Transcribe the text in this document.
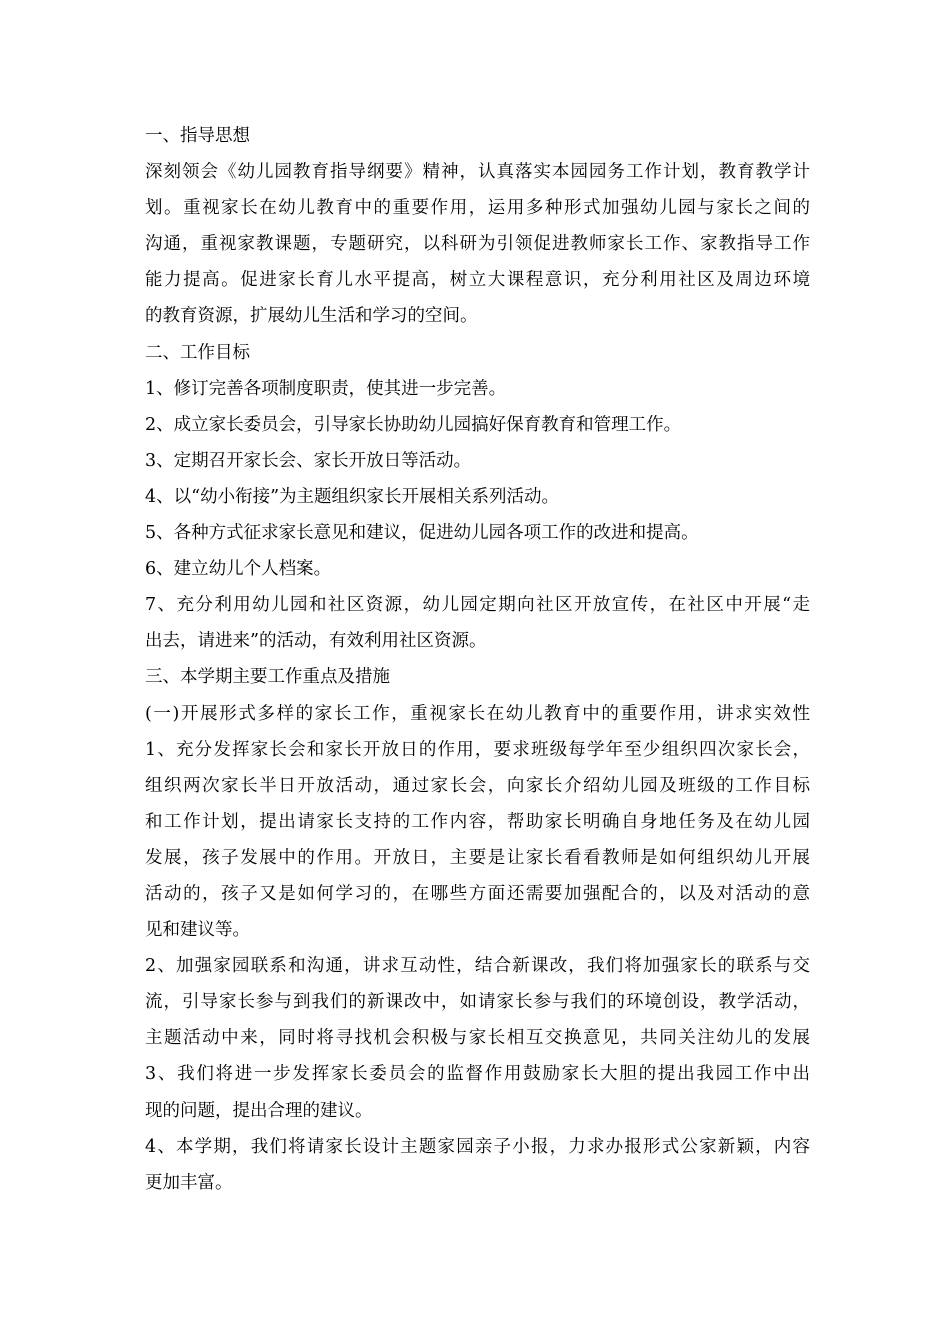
一、指导思想
深刻领会《幼儿园教育指导纲要》精神，认真落实本园园务工作计划，教育教学计
划。重视家长在幼儿教育中的重要作用，运用多种形式加强幼儿园与家长之间的
沟通，重视家教课题，专题研究，以科研为引领促进教师家长工作、家教指导工作
能力提高。促进家长育儿水平提高，树立大课程意识，充分利用社区及周边环境
的教育资源，扩展幼儿生活和学习的空间。
二、工作目标
1、修订完善各项制度职责，使其进一步完善。
2、成立家长委员会，引导家长协助幼儿园搞好保育教育和管理工作。
3、定期召开家长会、家长开放日等活动。
4、以“幼小衔接”为主题组织家长开展相关系列活动。
5、各种方式征求家长意见和建议，促进幼儿园各项工作的改进和提高。
6、建立幼儿个人档案。
7、充分利用幼儿园和社区资源，幼儿园定期向社区开放宣传，在社区中开展“走
出去，请进来”的活动，有效利用社区资源。
三、本学期主要工作重点及措施
(一)开展形式多样的家长工作，重视家长在幼儿教育中的重要作用，讲求实效性
1、充分发挥家长会和家长开放日的作用，要求班级每学年至少组织四次家长会，
组织两次家长半日开放活动，通过家长会，向家长介绍幼儿园及班级的工作目标
和工作计划，提出请家长支持的工作内容，帮助家长明确自身地任务及在幼儿园
发展，孩子发展中的作用。开放日，主要是让家长看看教师是如何组织幼儿开展
活动的，孩子又是如何学习的，在哪些方面还需要加强配合的，以及对活动的意
见和建议等。
2、加强家园联系和沟通，讲求互动性，结合新课改，我们将加强家长的联系与交
流，引导家长参与到我们的新课改中，如请家长参与我们的环境创设，教学活动，
主题活动中来，同时将寻找机会积极与家长相互交换意见，共同关注幼儿的发展
3、我们将进一步发挥家长委员会的监督作用鼓励家长大胆的提出我园工作中出
现的问题，提出合理的建议。
4、本学期，我们将请家长设计主题家园亲子小报，力求办报形式公家新颖，内容
更加丰富。
